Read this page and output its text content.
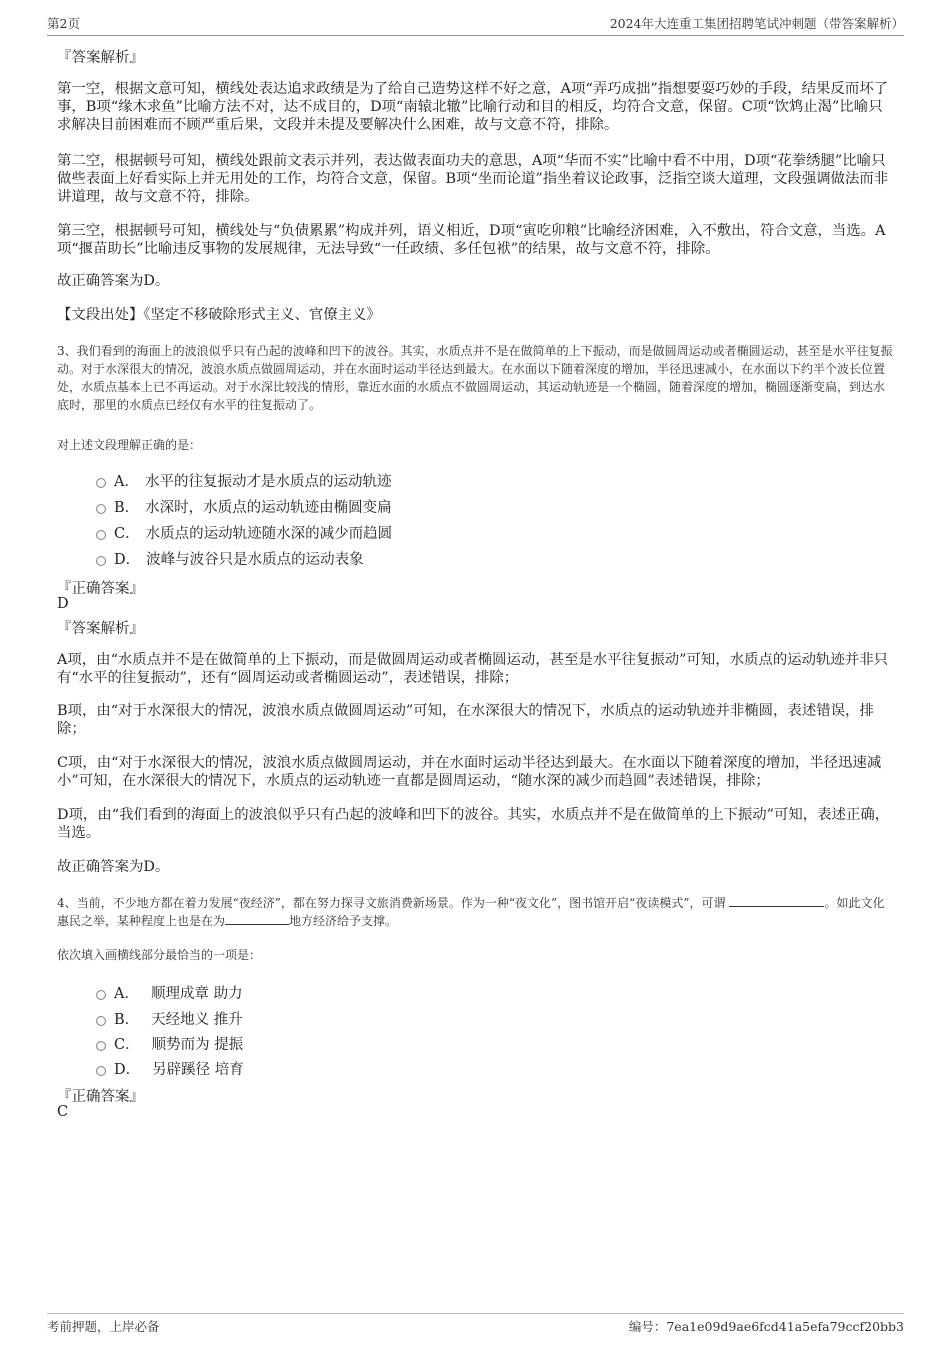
第2页	2024年大连重工集团招聘笔试冲刺题（带答案解析）

『答案解析』

第一空，根据文意可知，横线处表达追求政绩是为了给自己造势这样不好之意，A项“弄巧成拙”指想要耍巧妙的手段，结果反而坏了事，B项“缘木求鱼”比喻方法不对，达不成目的，D项“南辕北辙”比喻行动和目的相反，均符合文意，保留。C项“饮鸩止渴”比喻只求解决目前困难而不顾严重后果，文段并未提及要解决什么困难，故与文意不符，排除。

第二空，根据顿号可知，横线处跟前文表示并列，表达做表面功夫的意思，A项“华而不实”比喻中看不中用，D项“花拳绣腿”比喻只做些表面上好看实际上并无用处的工作，均符合文意，保留。B项“坐而论道”指坐着议论政事，泛指空谈大道理，文段强调做法而非讲道理，故与文意不符，排除。

第三空，根据顿号可知，横线处与“负债累累”构成并列，语义相近，D项“寅吃卯粮”比喻经济困难，入不敷出，符合文意，当选。A项“揠苗助长”比喻违反事物的发展规律，无法导致“一任政绩、多任包袱”的结果，故与文意不符，排除。

故正确答案为D。

【文段出处】《坚定不移破除形式主义、官僚主义》

3、我们看到的海面上的波浪似乎只有凸起的波峰和凹下的波谷。其实，水质点并不是在做简单的上下振动，而是做圆周运动或者椭圆运动，甚至是水平往复振动。对于水深很大的情况，波浪水质点做圆周运动，并在水面时运动半径达到最大。在水面以下随着深度的增加，半径迅速减小，在水面以下约半个波长位置处，水质点基本上已不再运动。对于水深比较浅的情形，靠近水面的水质点不做圆周运动，其运动轨迹是一个椭圆，随着深度的增加，椭圆逐渐变扁，到达水底时，那里的水质点已经仅有水平的往复振动了。

对上述文段理解正确的是：

A． 水平的往复振动才是水质点的运动轨迹
B． 水深时，水质点的运动轨迹由椭圆变扁
C． 水质点的运动轨迹随水深的减少而趋圆
D． 波峰与波谷只是水质点的运动表象

『正确答案』

D

『答案解析』

A项，由“水质点并不是在做简单的上下振动，而是做圆周运动或者椭圆运动，甚至是水平往复振动”可知，水质点的运动轨迹并非只有“水平的往复振动”，还有“圆周运动或者椭圆运动”，表述错误，排除；

B项，由“对于水深很大的情况，波浪水质点做圆周运动”可知，在水深很大的情况下，水质点的运动轨迹并非椭圆，表述错误，排除；

C项，由“对于水深很大的情况，波浪水质点做圆周运动，并在水面时运动半径达到最大。在水面以下随着深度的增加，半径迅速减小”可知，在水深很大的情况下，水质点的运动轨迹一直都是圆周运动，“随水深的减少而趋圆”表述错误，排除；

D项，由“我们看到的海面上的波浪似乎只有凸起的波峰和凹下的波谷。其实，水质点并不是在做简单的上下振动”可知，表述正确，当选。

故正确答案为D。

4、当前，不少地方都在着力发展“夜经济”，都在努力探寻文旅消费新场景。作为一种“夜文化”，图书馆开启“夜读模式”，可谓	。如此文化惠民之举，某种程度上也是在为	地方经济给予支撑。

依次填入画横线部分最恰当的一项是：

A． 顺理成章 助力
B． 天经地义 推升
C． 顺势而为 提振
D． 另辟蹊径 培育

『正确答案』

C

考前押题，上岸必备	编号：7ea1e09d9ae6fcd41a5efa79ccf20bb3
